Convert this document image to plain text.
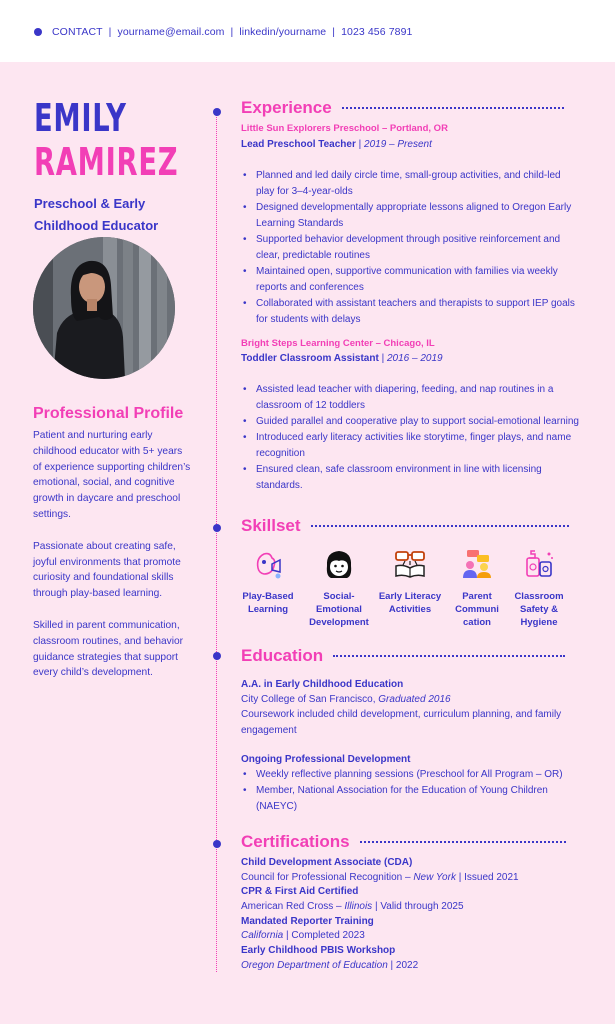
CONTACT | yourname@email.com | linkedin/yourname | 1023 456 7891
EMILY
RAMIREZ
Preschool & Early Childhood Educator
Professional Profile

Patient and nurturing early childhood educator with 5+ years of experience supporting children’s emotional, social, and cognitive growth in daycare and preschool settings.

Passionate about creating safe, joyful environments that promote curiosity and foundational skills through play-based learning.

Skilled in parent communication, classroom routines, and behavior guidance strategies that support every child’s development.

Experience
Little Sun Explorers Preschool – Portland, OR
Lead Preschool Teacher | 2019 – Present
• Planned and led daily circle time, small-group activities, and child-led play for 3–4-year-olds
• Designed developmentally appropriate lessons aligned to Oregon Early Learning Standards
• Supported behavior development through positive reinforcement and clear, predictable routines
• Maintained open, supportive communication with families via weekly reports and conferences
• Collaborated with assistant teachers and therapists to support IEP goals for students with delays
Bright Steps Learning Center – Chicago, IL
Toddler Classroom Assistant | 2016 – 2019
• Assisted lead teacher with diapering, feeding, and nap routines in a classroom of 12 toddlers
• Guided parallel and cooperative play to support social-emotional learning
• Introduced early literacy activities like storytime, finger plays, and name recognition
• Ensured clean, safe classroom environment in line with licensing standards.
Skillset
Play-Based Learning
Social-Emotional Development
Early Literacy Activities
Parent Communi cation
Classroom Safety & Hygiene
Education
A.A. in Early Childhood Education
City College of San Francisco, Graduated 2016
Coursework included child development, curriculum planning, and family engagement
Ongoing Professional Development
• Weekly reflective planning sessions (Preschool for All Program – OR)
• Member, National Association for the Education of Young Children (NAEYC)
Certifications
Child Development Associate (CDA)
Council for Professional Recognition – New York | Issued 2021
CPR & First Aid Certified
American Red Cross – Illinois | Valid through 2025
Mandated Reporter Training
California | Completed 2023
Early Childhood PBIS Workshop
Oregon Department of Education | 2022
